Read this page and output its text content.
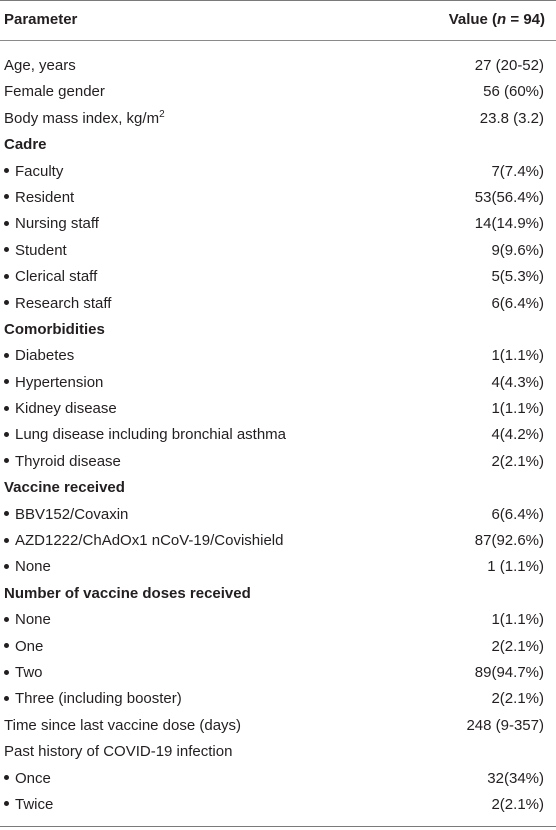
Parameter	Value (n = 94)
Age, years	27 (20-52)
Female gender	56 (60%)
Body mass index, $kg/m^2$	23.8 (3.2)
Cadre
Faculty	7(7.4%)
Resident	53(56.4%)
Nursing staff	14(14.9%)
Student	9(9.6%)
Clerical staff	5(5.3%)
Research staff	6(6.4%)
Comorbidities
Diabetes	1(1.1%)
Hypertension	4(4.3%)
Kidney disease	1(1.1%)
Lung disease including bronchial asthma	4(4.2%)
Thyroid disease	2(2.1%)
Vaccine received
BBV152/Covaxin	6(6.4%)
AZD1222/ChAdOx1 nCoV-19/Covishield	87(92.6%)
None	1 (1.1%)
Number of vaccine doses received
None	1(1.1%)
One	2(2.1%)
Two	89(94.7%)
Three (including booster)	2(2.1%)
Time since last vaccine dose (days)	248 (9-357)
Past history of COVID-19 infection
Once	32(34%)
Twice	2(2.1%)
